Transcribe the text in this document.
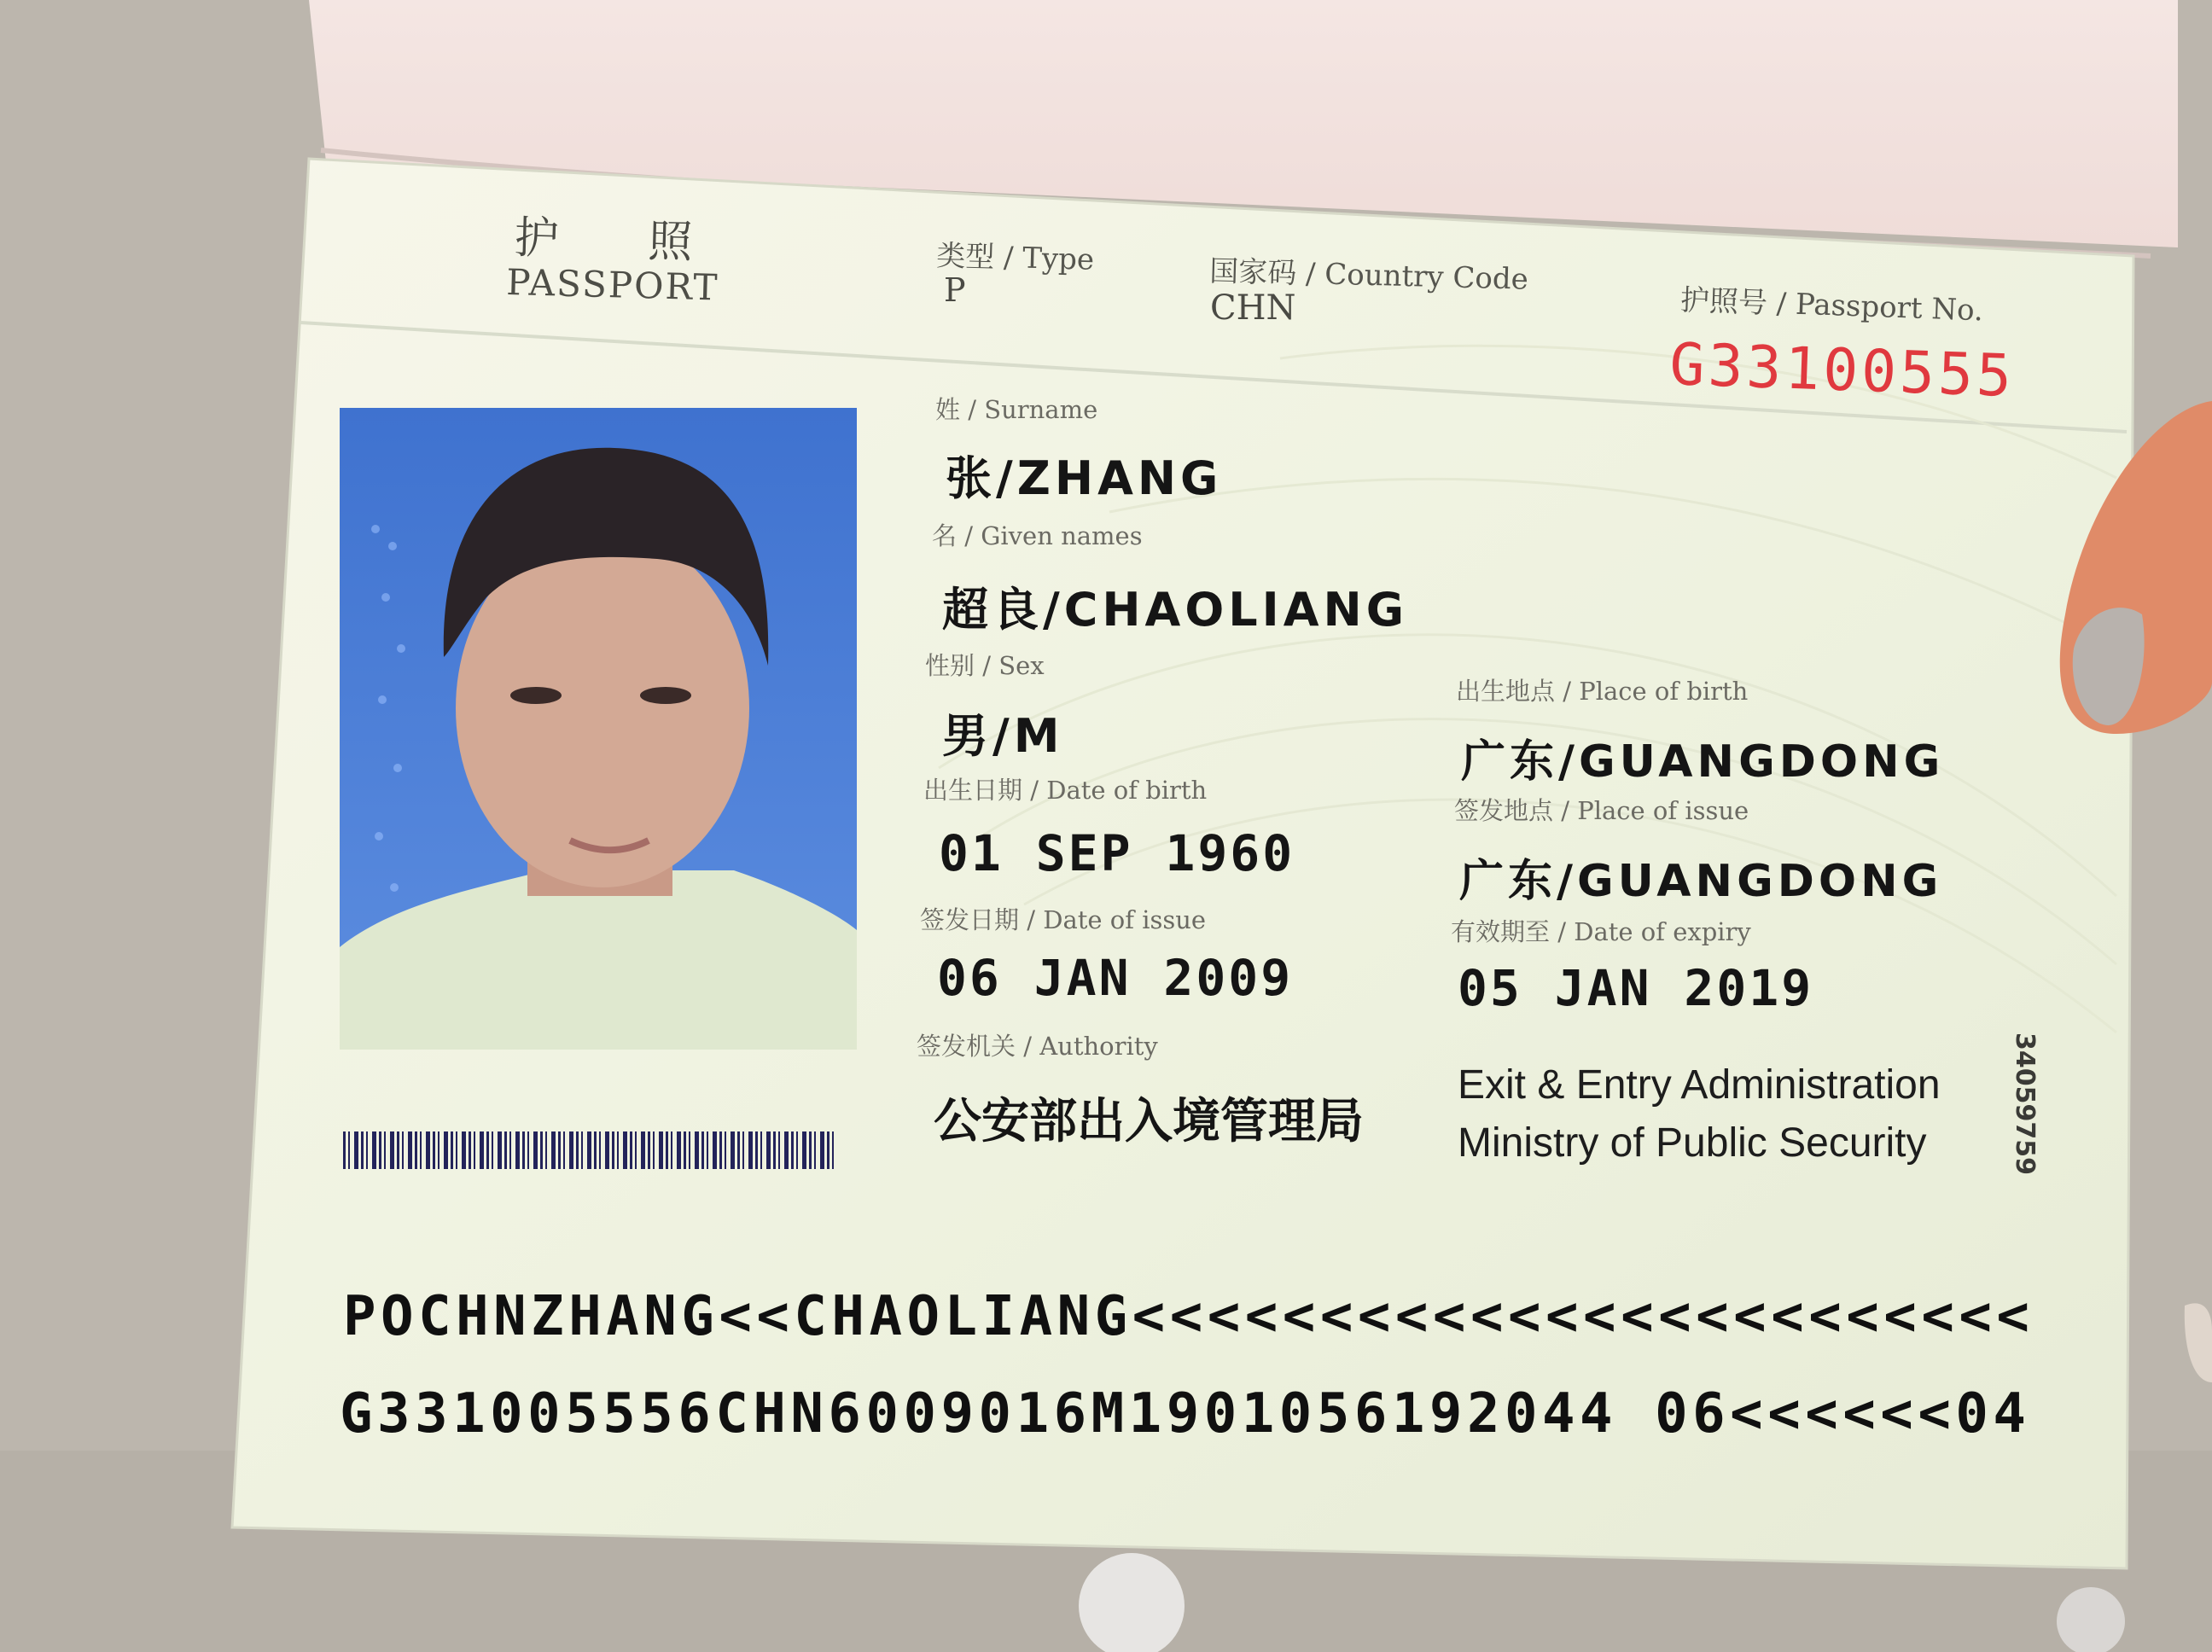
护 照
PASSPORT
类型 / Type
P	国家码 / Country Code
CHN	护照号 / Passport No.
G33100555
姓 / Surname
张/ZHANG
名 / Given names
超良/CHAOLIANG
性别 / Sex
男/M
出生地点 / Place of birth
广东/GUANGDONG
出生日期 / Date of birth
01 SEP 1960
签发地点 / Place of issue
广东/GUANGDONG
签发日期 / Date of issue
06 JAN 2009
有效期至 / Date of expiry
05 JAN 2019
签发机关 / Authority
公安部出入境管理局
Exit & Entry Administration
Ministry of Public Security	34059759
POCHNZHANG<<CHAOLIANG<<<<<<<<<<<<<<<<<<<<<<<<
G331005556CHN6009016M1901056192044 06<<<<<<04
